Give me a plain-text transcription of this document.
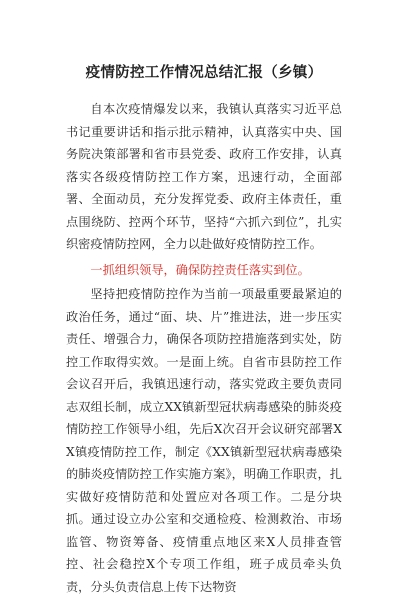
疫情防控工作情况总结汇报（乡镇）

自本次疫情爆发以来，我镇认真落实习近平总书记重要讲话和指示批示精神，认真落实中央、国务院决策部署和省市县党委、政府工作安排，认真落实各级疫情防控工作方案，迅速行动，全面部署、全面动员，充分发挥党委、政府主体责任，重点围绕防、控两个环节，坚持“六抓六到位”，扎实织密疫情防控网，全力以赴做好疫情防控工作。

一抓组织领导，确保防控责任落实到位。

坚持把疫情防控作为当前一项最重要最紧迫的政治任务，通过“面、块、片”推进法，进一步压实责任、增强合力，确保各项防控措施落到实处，防控工作取得实效。一是面上统。自省市县防控工作会议召开后，我镇迅速行动，落实党政主要负责同志双组长制，成立XX镇新型冠状病毒感染的肺炎疫情防控工作领导小组，先后X次召开会议研究部署XX镇疫情防控工作，制定《XX镇新型冠状病毒感染的肺炎疫情防控工作实施方案》，明确工作职责，扎实做好疫情防范和处置应对各项工作。二是分块抓。通过设立办公室和交通检疫、检测救治、市场监管、物资筹备、疫情重点地区来X人员排查管控、社会稳控X个专项工作组，班子成员牵头负责，分头负责信息上传下达物资
